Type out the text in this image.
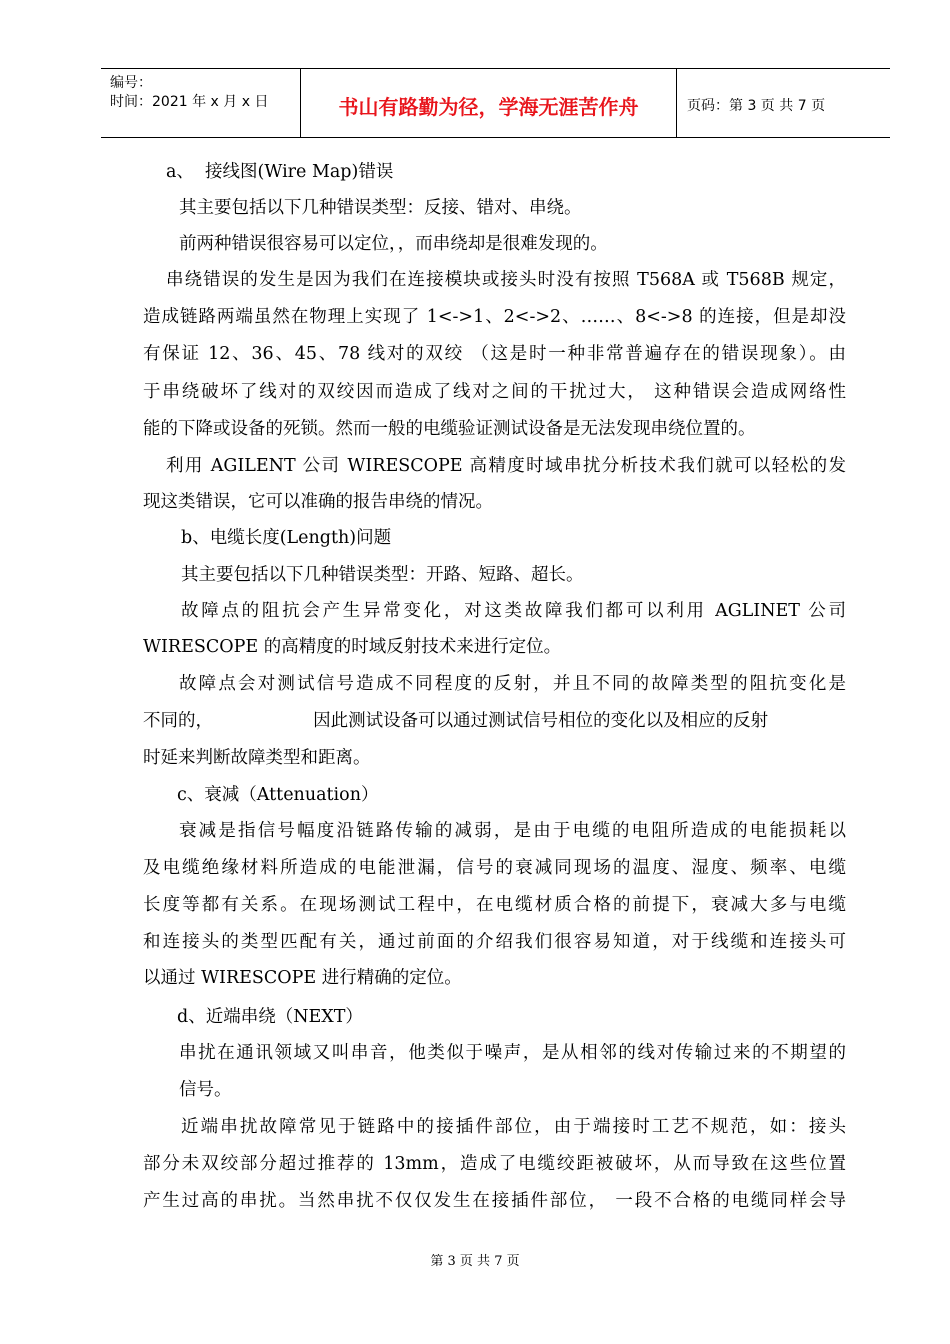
编号：
时间：2021 年 x 月 x 日	书山有路勤为径，学海无涯苦作舟	页码：第 3 页 共 7 页
a、  接线图(Wire Map)错误
其主要包括以下几种错误类型：反接、错对、串绕。
前两种错误很容易可以定位，，而串绕却是很难发现的。
串绕错误的发生是因为我们在连接模块或接头时没有按照 T568A 或 T568B 规定，
造成链路两端虽然在物理上实现了 1<->1、2<->2、……、8<->8 的连接，但是却没
有保证 12、36、45、78 线对的双绞 （这是时一种非常普遍存在的错误现象）。由
于串绕破坏了线对的双绞因而造成了线对之间的干扰过大， 这种错误会造成网络性
能的下降或设备的死锁。然而一般的电缆验证测试设备是无法发现串绕位置的。
利用 AGILENT 公司 WIRESCOPE 高精度时域串扰分析技术我们就可以轻松的发
现这类错误，它可以准确的报告串绕的情况。
b、电缆长度(Length)问题
其主要包括以下几种错误类型：开路、短路、超长。
故障点的阻抗会产生异常变化，对这类故障我们都可以利用 AGLINET 公司
WIRESCOPE 的高精度的时域反射技术来进行定位。
故障点会对测试信号造成不同程度的反射，并且不同的故障类型的阻抗变化是
不同的，                  因此测试设备可以通过测试信号相位的变化以及相应的反射
时延来判断故障类型和距离。
c、衰减（Attenuation）
衰减是指信号幅度沿链路传输的减弱，是由于电缆的电阻所造成的电能损耗以
及电缆绝缘材料所造成的电能泄漏，信号的衰减同现场的温度、湿度、频率、电缆
长度等都有关系。在现场测试工程中，在电缆材质合格的前提下，衰减大多与电缆
和连接头的类型匹配有关，通过前面的介绍我们很容易知道，对于线缆和连接头可
以通过 WIRESCOPE 进行精确的定位。
d、近端串绕（NEXT）
串扰在通讯领域又叫串音，他类似于噪声，是从相邻的线对传输过来的不期望的
信号。
近端串扰故障常见于链路中的接插件部位，由于端接时工艺不规范，如：接头
部分未双绞部分超过推荐的 13mm，造成了电缆绞距被破坏，从而导致在这些位置
产生过高的串扰。当然串扰不仅仅发生在接插件部位， 一段不合格的电缆同样会导
第 3 页 共 7 页
